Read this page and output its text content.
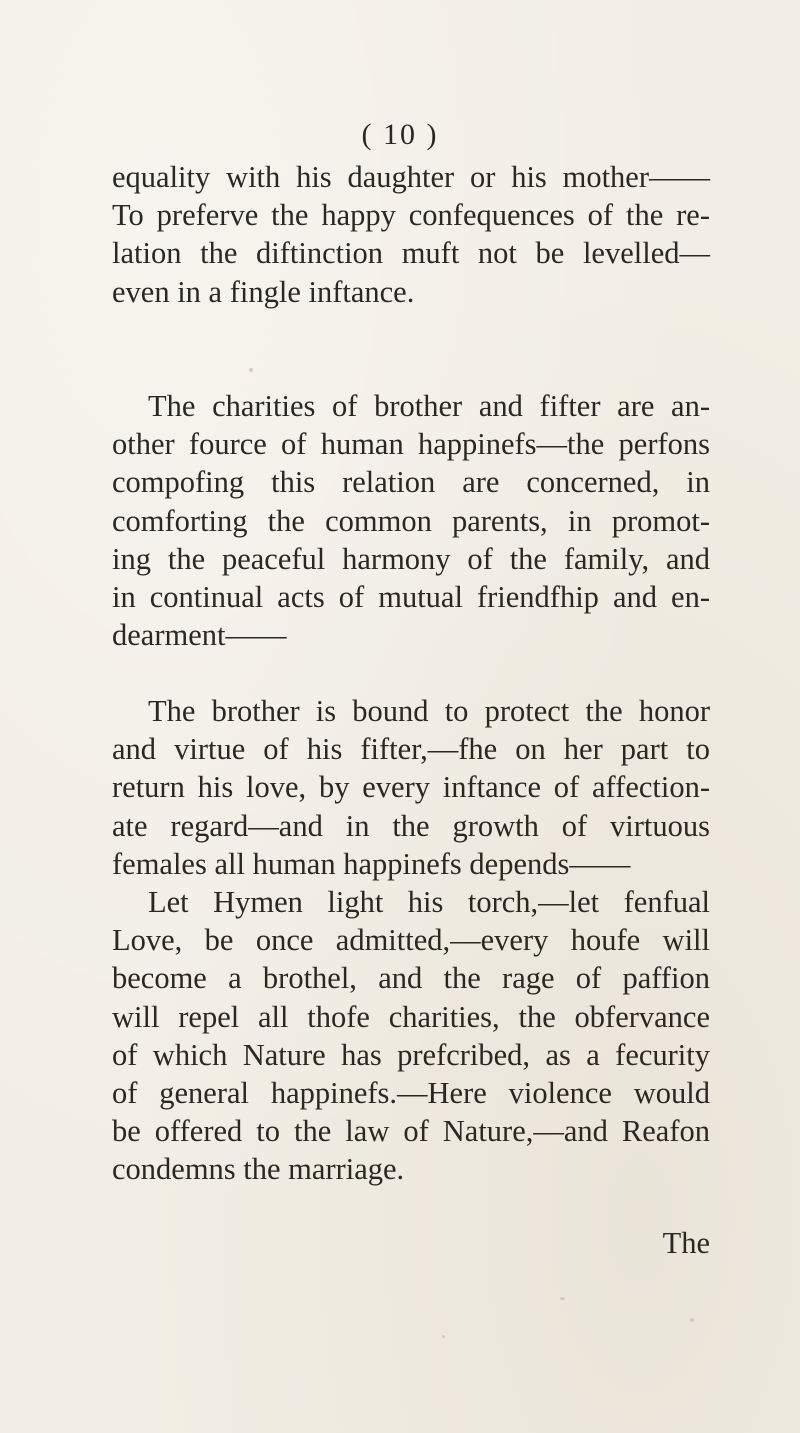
( 10 )
equality with his daughter or his mother——
To preferve the happy confequences of the re-
lation the diftinction muft not be levelled—
even in a fingle inftance.
The charities of brother and fifter are an-
other fource of human happinefs—the perfons
compofing this relation are concerned, in
comforting the common parents, in promot-
ing the peaceful harmony of the family, and
in continual acts of mutual friendfhip and en-
dearment——
The brother is bound to protect the honor
and virtue of his fifter,—fhe on her part to
return his love, by every inftance of affection-
ate regard—and in the growth of virtuous
females all human happinefs depends——
Let Hymen light his torch,—let fenfual
Love, be once admitted,—every houfe will
become a brothel, and the rage of paffion
will repel all thofe charities, the obfervance
of which Nature has prefcribed, as a fecurity
of general happinefs.—Here violence would
be offered to the law of Nature,—and Reafon
condemns the marriage.
The
